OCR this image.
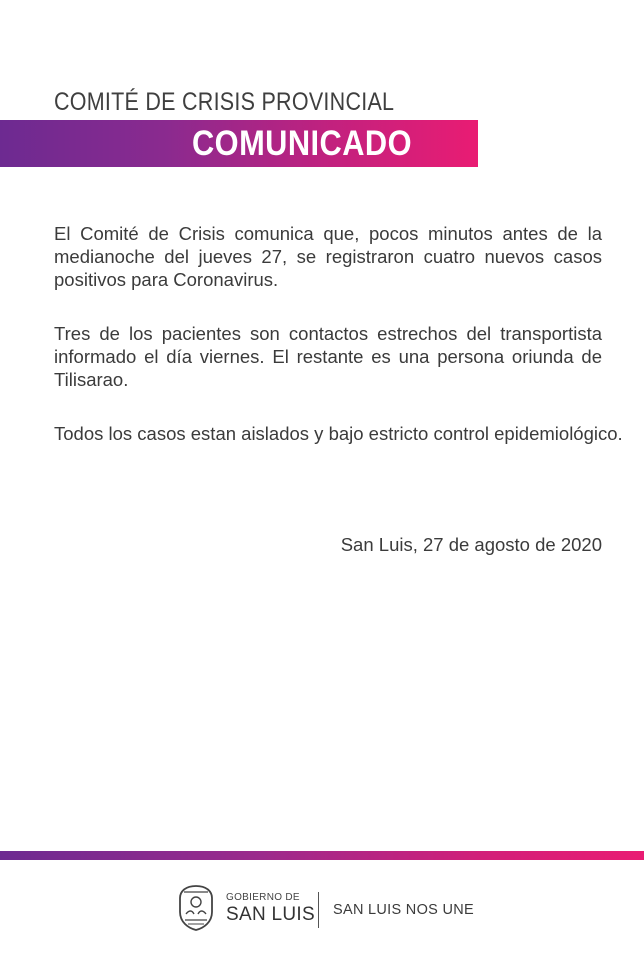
COMITÉ DE CRISIS PROVINCIAL
COMUNICADO

El Comité de Crisis comunica que, pocos minutos antes de la medianoche del jueves 27, se registraron cuatro nuevos casos positivos para Coronavirus.

Tres de los pacientes son contactos estrechos del transportista informado el día viernes. El restante es una persona oriunda de Tilisarao.

Todos los casos estan aislados y bajo estricto control epidemiológico.

San Luis, 27 de agosto de 2020
GOBIERNO DE
SAN LUIS SAN LUIS NOS UNE
